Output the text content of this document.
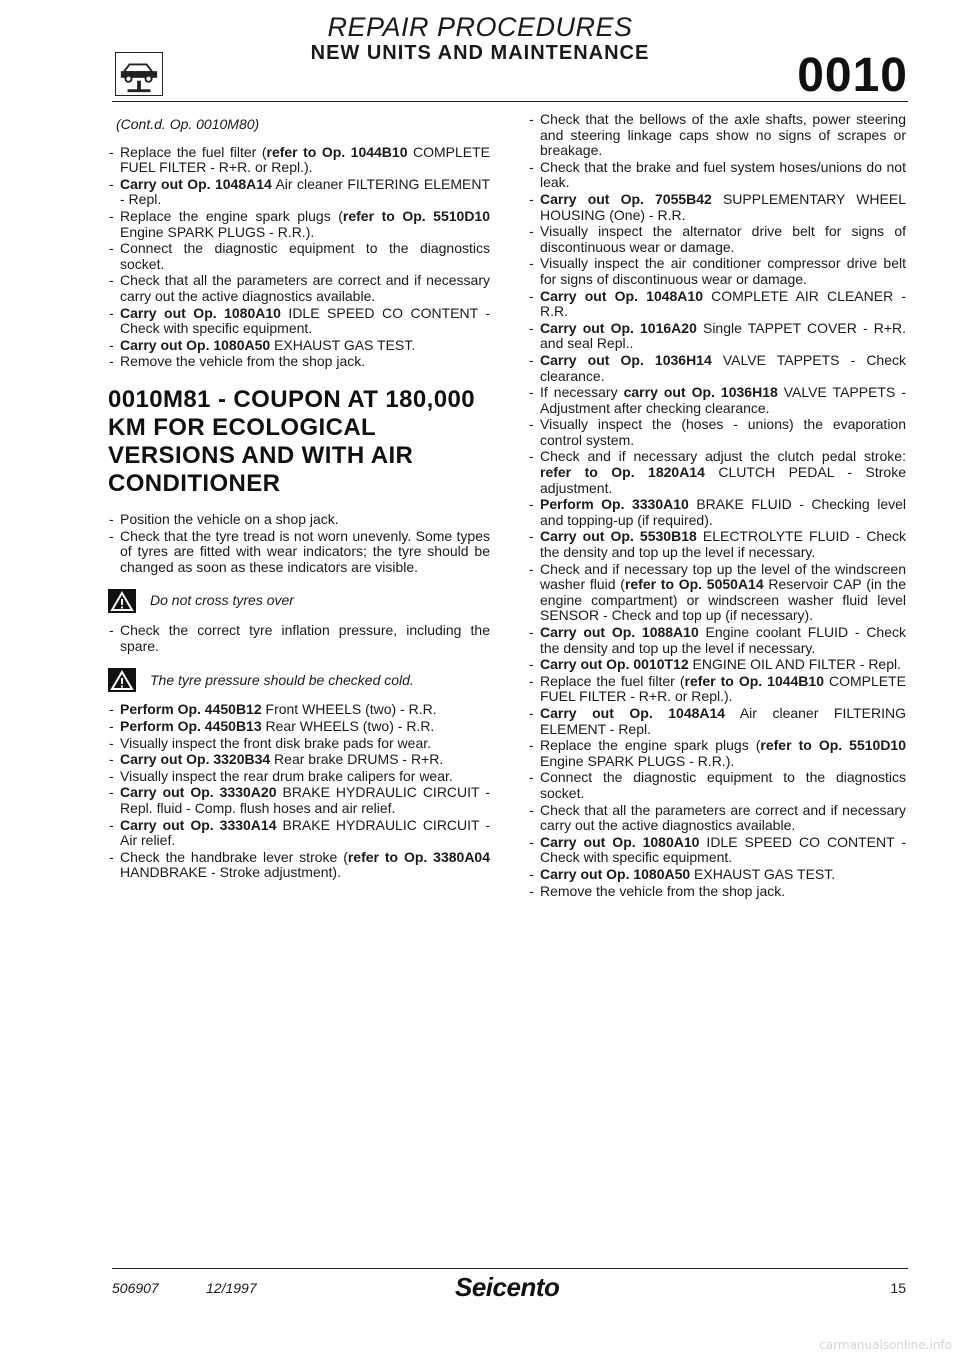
REPAIR PROCEDURES
NEW UNITS AND MAINTENANCE	0010
(Cont.d. Op. 0010M80)
- Replace the fuel filter (refer to Op. 1044B10 COMPLETE FUEL FILTER - R+R. or Repl.).
- Carry out Op. 1048A14 Air cleaner FILTERING ELEMENT - Repl.
- Replace the engine spark plugs (refer to Op. 5510D10 Engine SPARK PLUGS - R.R.).
- Connect the diagnostic equipment to the diagnostics socket.
- Check that all the parameters are correct and if necessary carry out the active diagnostics available.
- Carry out Op. 1080A10 IDLE SPEED CO CONTENT - Check with specific equipment.
- Carry out Op. 1080A50 EXHAUST GAS TEST.
- Remove the vehicle from the shop jack.
0010M81 - COUPON AT 180,000 KM FOR ECOLOGICAL VERSIONS AND WITH AIR CONDITIONER
- Position the vehicle on a shop jack.
- Check that the tyre tread is not worn unevenly. Some types of tyres are fitted with wear indicators; the tyre should be changed as soon as these indicators are visible.
Do not cross tyres over
- Check the correct tyre inflation pressure, including the spare.
The tyre pressure should be checked cold.
- Perform Op. 4450B12 Front WHEELS (two) - R.R.
- Perform Op. 4450B13 Rear WHEELS (two) - R.R.
- Visually inspect the front disk brake pads for wear.
- Carry out Op. 3320B34 Rear brake DRUMS - R+R.
- Visually inspect the rear drum brake calipers for wear.
- Carry out Op. 3330A20 BRAKE HYDRAULIC CIRCUIT - Repl. fluid - Comp. flush hoses and air relief.
- Carry out Op. 3330A14 BRAKE HYDRAULIC CIRCUIT - Air relief.
- Check the handbrake lever stroke (refer to Op. 3380A04 HANDBRAKE - Stroke adjustment).
- Check that the bellows of the axle shafts, power steering and steering linkage caps show no signs of scrapes or breakage.
- Check that the brake and fuel system hoses/unions do not leak.
- Carry out Op. 7055B42 SUPPLEMENTARY WHEEL HOUSING (One) - R.R.
- Visually inspect the alternator drive belt for signs of discontinuous wear or damage.
- Visually inspect the air conditioner compressor drive belt for signs of discontinuous wear or damage.
- Carry out Op. 1048A10 COMPLETE AIR CLEANER - R.R.
- Carry out Op. 1016A20 Single TAPPET COVER - R+R. and seal Repl..
- Carry out Op. 1036H14 VALVE TAPPETS - Check clearance.
- If necessary carry out Op. 1036H18 VALVE TAPPETS - Adjustment after checking clearance.
- Visually inspect the (hoses - unions) the evaporation control system.
- Check and if necessary adjust the clutch pedal stroke: refer to Op. 1820A14 CLUTCH PEDAL - Stroke adjustment.
- Perform Op. 3330A10 BRAKE FLUID - Checking level and topping-up (if required).
- Carry out Op. 5530B18 ELECTROLYTE FLUID - Check the density and top up the level if necessary.
- Check and if necessary top up the level of the windscreen washer fluid (refer to Op. 5050A14 Reservoir CAP (in the engine compartment) or windscreen washer fluid level SENSOR - Check and top up (if necessary).
- Carry out Op. 1088A10 Engine coolant FLUID - Check the density and top up the level if necessary.
- Carry out Op. 0010T12 ENGINE OIL AND FILTER - Repl.
- Replace the fuel filter (refer to Op. 1044B10 COMPLETE FUEL FILTER - R+R. or Repl.).
- Carry out Op. 1048A14 Air cleaner FILTERING ELEMENT - Repl.
- Replace the engine spark plugs (refer to Op. 5510D10 Engine SPARK PLUGS - R.R.).
- Connect the diagnostic equipment to the diagnostics socket.
- Check that all the parameters are correct and if necessary carry out the active diagnostics available.
- Carry out Op. 1080A10 IDLE SPEED CO CONTENT - Check with specific equipment.
- Carry out Op. 1080A50 EXHAUST GAS TEST.
- Remove the vehicle from the shop jack.
506907	12/1997	Seicento	15
carmanualsonline.info
